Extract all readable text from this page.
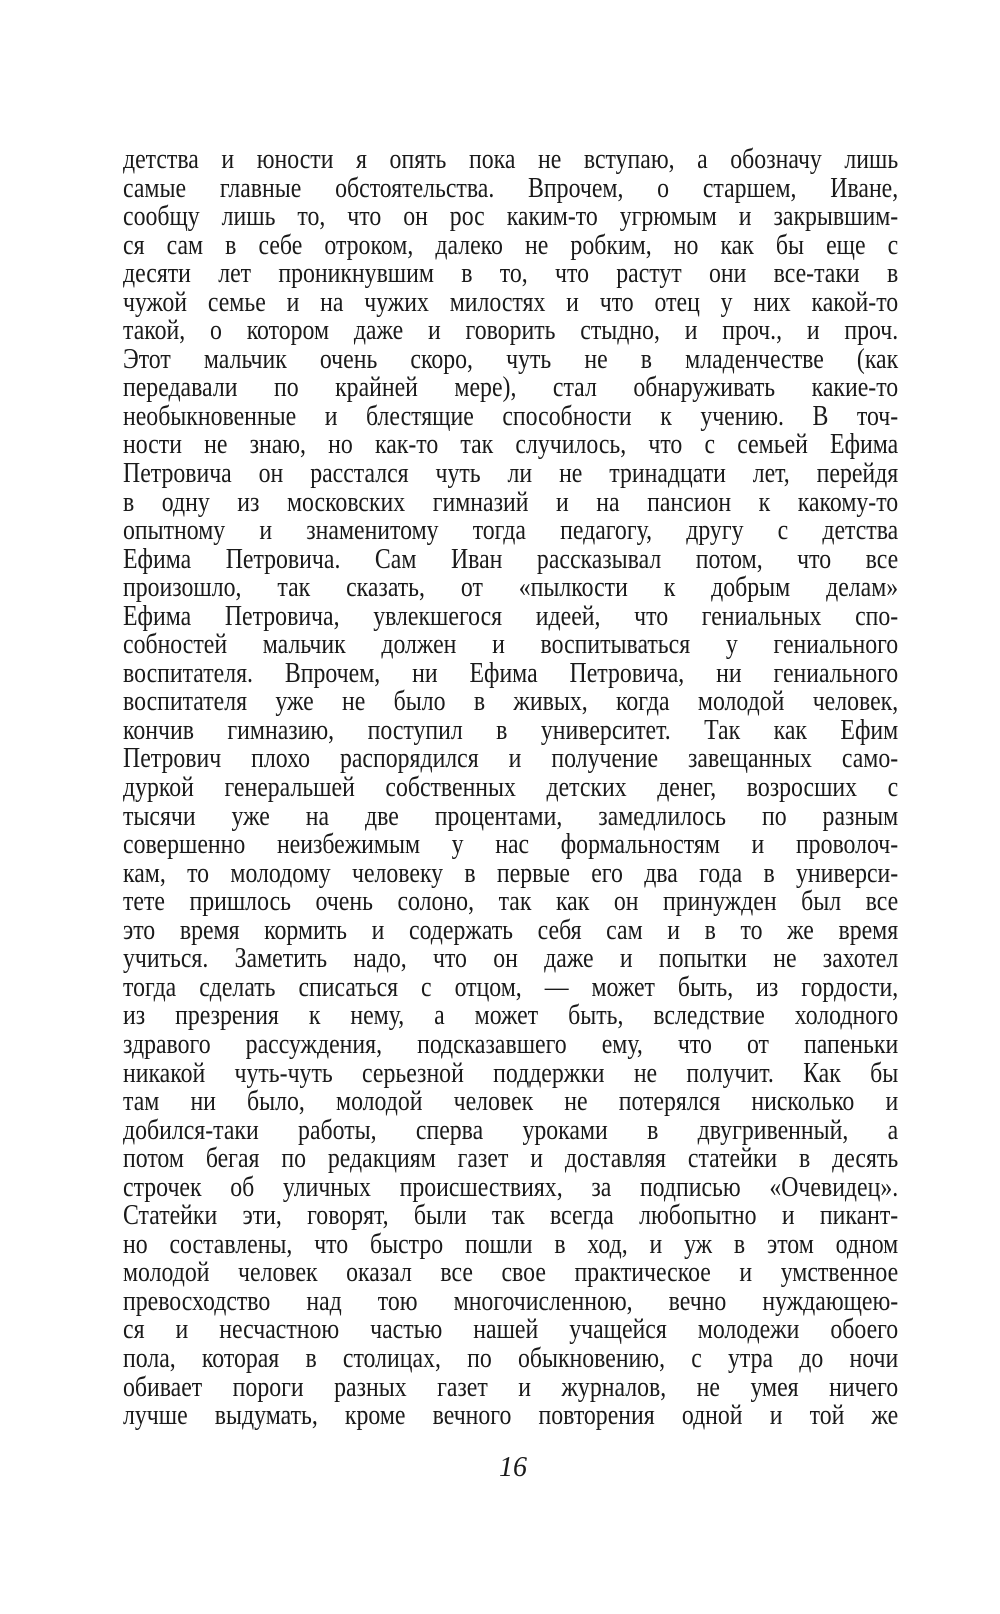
детства и юности я опять пока не вступаю, а обозначу лишь
самые главные обстоятельства. Впрочем, о старшем, Иване,
сообщу лишь то, что он рос каким-то угрюмым и закрывшим-
ся сам в себе отроком, далеко не робким, но как бы еще с
десяти лет проникнувшим в то, что растут они все-таки в
чужой семье и на чужих милостях и что отец у них какой-то
такой, о котором даже и говорить стыдно, и проч., и проч.
Этот мальчик очень скоро, чуть не в младенчестве (как
передавали по крайней мере), стал обнаруживать какие-то
необыкновенные и блестящие способности к учению. В точ-
ности не знаю, но как-то так случилось, что с семьей Ефима
Петровича он расстался чуть ли не тринадцати лет, перейдя
в одну из московских гимназий и на пансион к какому-то
опытному и знаменитому тогда педагогу, другу с детства
Ефима Петровича. Сам Иван рассказывал потом, что все
произошло, так сказать, от «пылкости к добрым делам»
Ефима Петровича, увлекшегося идеей, что гениальных спо-
собностей мальчик должен и воспитываться у гениального
воспитателя. Впрочем, ни Ефима Петровича, ни гениального
воспитателя уже не было в живых, когда молодой человек,
кончив гимназию, поступил в университет. Так как Ефим
Петрович плохо распорядился и получение завещанных само-
дуркой генеральшей собственных детских денег, возросших с
тысячи уже на две процентами, замедлилось по разным
совершенно неизбежимым у нас формальностям и проволоч-
кам, то молодому человеку в первые его два года в универси-
тете пришлось очень солоно, так как он принужден был все
это время кормить и содержать себя сам и в то же время
учиться. Заметить надо, что он даже и попытки не захотел
тогда сделать списаться с отцом, — может быть, из гордости,
из презрения к нему, а может быть, вследствие холодного
здравого рассуждения, подсказавшего ему, что от папеньки
никакой чуть-чуть серьезной поддержки не получит. Как бы
там ни было, молодой человек не потерялся нисколько и
добился-таки работы, сперва уроками в двугривенный, а
потом бегая по редакциям газет и доставляя статейки в десять
строчек об уличных происшествиях, за подписью «Очевидец».
Статейки эти, говорят, были так всегда любопытно и пикант-
но составлены, что быстро пошли в ход, и уж в этом одном
молодой человек оказал все свое практическое и умственное
превосходство над тою многочисленною, вечно нуждающею-
ся и несчастною частью нашей учащейся молодежи обоего
пола, которая в столицах, по обыкновению, с утра до ночи
обивает пороги разных газет и журналов, не умея ничего
лучше выдумать, кроме вечного повторения одной и той же
16
